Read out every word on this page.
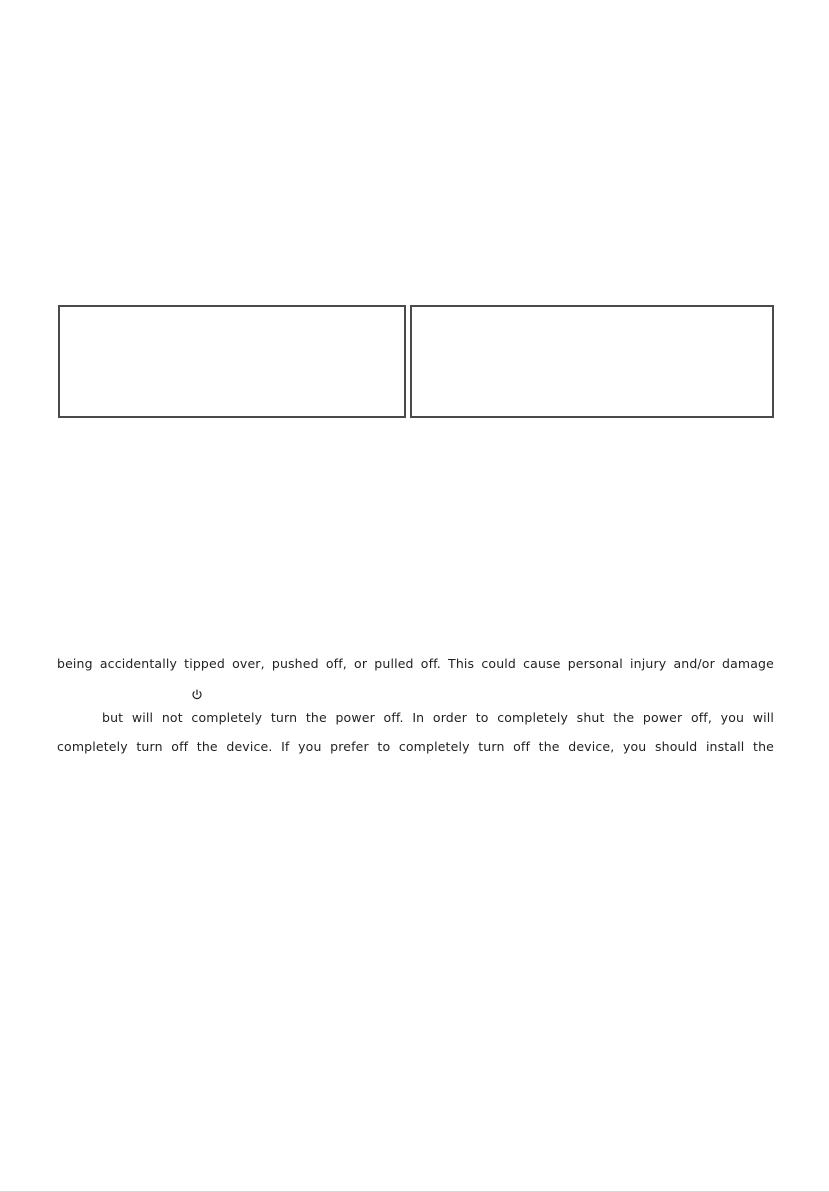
being accidentally tipped over, pushed off, or pulled off. This could cause personal injury and/or damage
but will not completely turn the power off. In order to completely shut the power off, you will
completely turn off the device. If you prefer to completely turn off the device, you should install the
